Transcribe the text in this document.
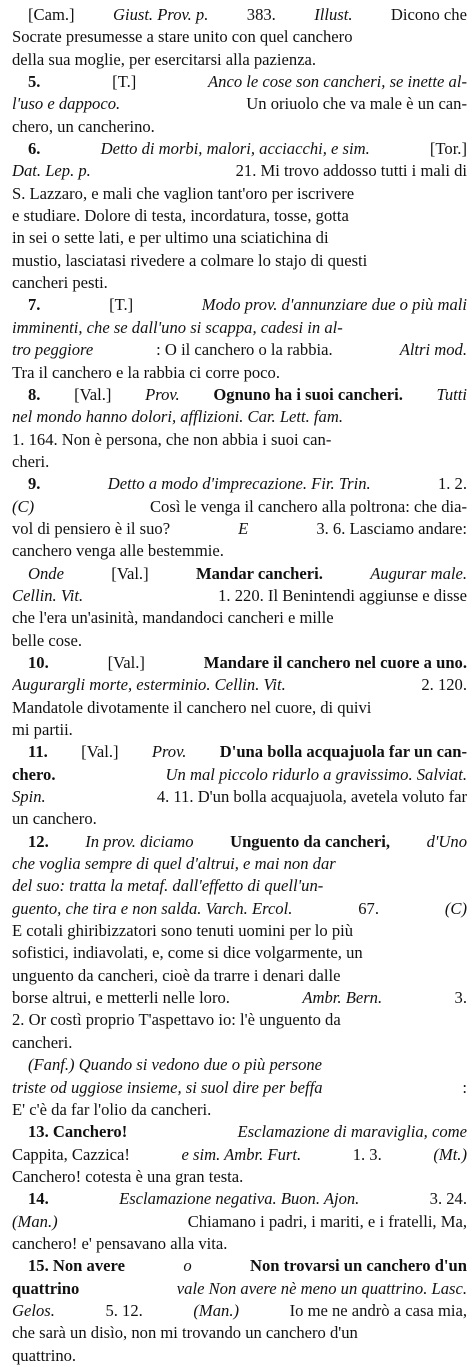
[Cam.] Giust. Prov. p. 383. Illust. Dicono che
Socrate presumesse a stare unito con quel canchero
della sua moglie, per esercitarsi alla pazienza.
5.	[T.]	Anco le cose son cancheri, se inette al-
l'uso e dappoco.	Un oriuolo che va male è un can-
chero, un cancherino.
6.	Detto di morbi, malori, acciacchi, e sim.	[Tor.]
Dat. Lep. p.	21. Mi trovo addosso tutti i mali di
S. Lazzaro, e mali che vaglion tant'oro per iscrivere
e studiare. Dolore di testa, incordatura, tosse, gotta
in sei o sette lati, e per ultimo una sciatichina di
mustio, lasciatasi rivedere a colmare lo stajo di questi
cancheri pesti.
7.	[T.]	Modo prov. d'annunziare due o più mali
imminenti, che se dall'uno si scappa, cadesi in al-
tro peggiore	: O il canchero o la rabbia.	Altri mod.
Tra il canchero e la rabbia ci corre poco.
8. [Val.] Prov. Ognuno ha i suoi cancheri. Tutti
nel mondo hanno dolori, afflizioni. Car. Lett. fam.
1. 164. Non è persona, che non abbia i suoi can-
cheri.
9.	Detto a modo d'imprecazione. Fir. Trin.	1. 2.
(C)	Così le venga il canchero alla poltrona: che dia-
vol di pensiero è il suo?	E	3. 6. Lasciamo andare:
canchero venga alle bestemmie.
Onde	[Val.]	Mandar cancheri.	Augurar male.
Cellin. Vit.	1. 220. Il Benintendi aggiunse e disse
che l'era un'asinità, mandandoci cancheri e mille
belle cose.
10.	[Val.]	Mandare il canchero nel cuore a uno.
Augurargli morte, esterminio. Cellin. Vit.	2. 120.
Mandatole divotamente il canchero nel cuore, di quivi
mi partii.
11. [Val.] Prov. D'una bolla acquajuola far un can-
chero.	Un mal piccolo ridurlo a gravissimo. Salviat.
Spin.	4. 11. D'un bolla acquajuola, avetela voluto far
un canchero.
12. In prov. diciamo Unguento da cancheri, d'Uno
che voglia sempre di quel d'altrui, e mai non dar
del suo: tratta la metaf. dall'effetto di quell'un-
guento, che tira e non salda. Varch. Ercol.	67.	(C)
E cotali ghiribizzatori sono tenuti uomini per lo più
sofistici, indiavolati, e, come si dice volgarmente, un
unguento da cancheri, cioè da trarre i denari dalle
borse altrui, e metterli nelle loro.	Ambr. Bern.	3.
2. Or costì proprio T'aspettavo io: l'è unguento da
cancheri.
(Fanf.) Quando si vedono due o più persone
triste od uggiose insieme, si suol dire per beffa	:
E' c'è da far l'olio da cancheri.
13. Canchero!	Esclamazione di maraviglia, come
Cappita, Cazzica!	e sim. Ambr. Furt.	1. 3.	(Mt.)
Canchero! cotesta è una gran testa.
14.	Esclamazione negativa. Buon. Ajon.	3. 24.
(Man.)	Chiamano i padri, i mariti, e i fratelli, Ma,
canchero! e' pensavano alla vita.
15. Non avere	o	Non trovarsi un canchero d'un
quattrino	vale Non avere nè meno un quattrino. Lasc.
Gelos.	5. 12.	(Man.)	Io me ne andrò a casa mia,
che sarà un disìo, non mi trovando un canchero d'un
quattrino.
